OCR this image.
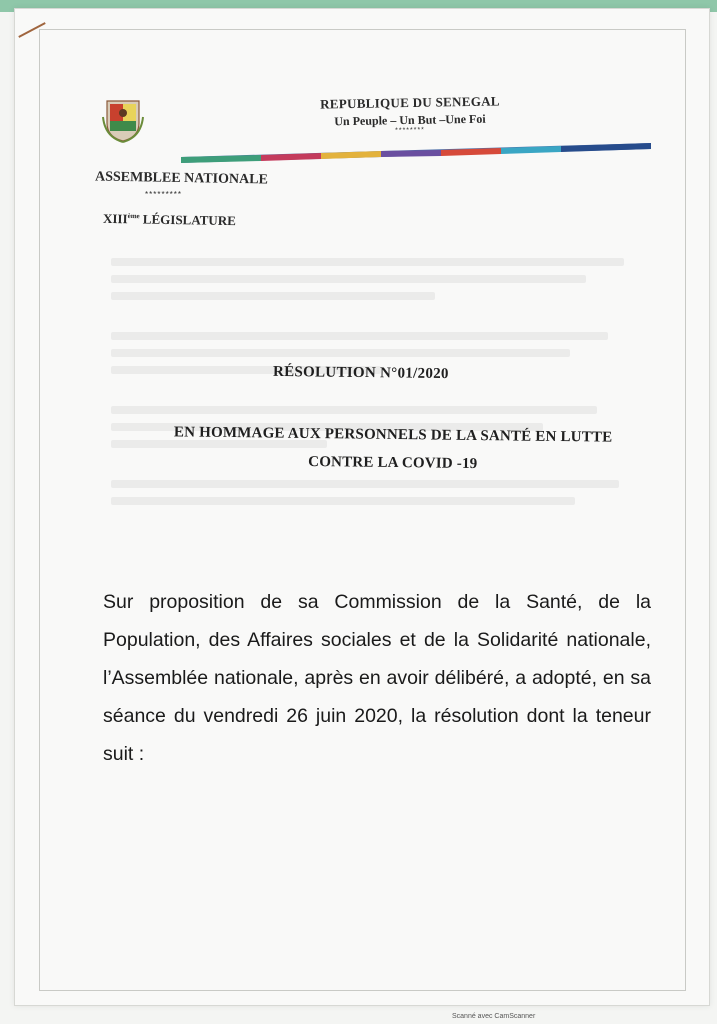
REPUBLIQUE DU SENEGAL
Un Peuple – Un But –Une Foi
********
ASSEMBLEE NATIONALE
*********
XIIIème LÉGISLATURE
RÉSOLUTION N°01/2020
EN HOMMAGE AUX PERSONNELS DE LA SANTÉ EN LUTTE
CONTRE LA COVID -19
Sur proposition de sa Commission de la Santé, de la Population, des Affaires sociales et de la Solidarité nationale, l’Assemblée nationale, après en avoir délibéré, a adopté, en sa séance du vendredi 26 juin 2020, la résolution dont la teneur suit :
Scanné avec CamScanner
